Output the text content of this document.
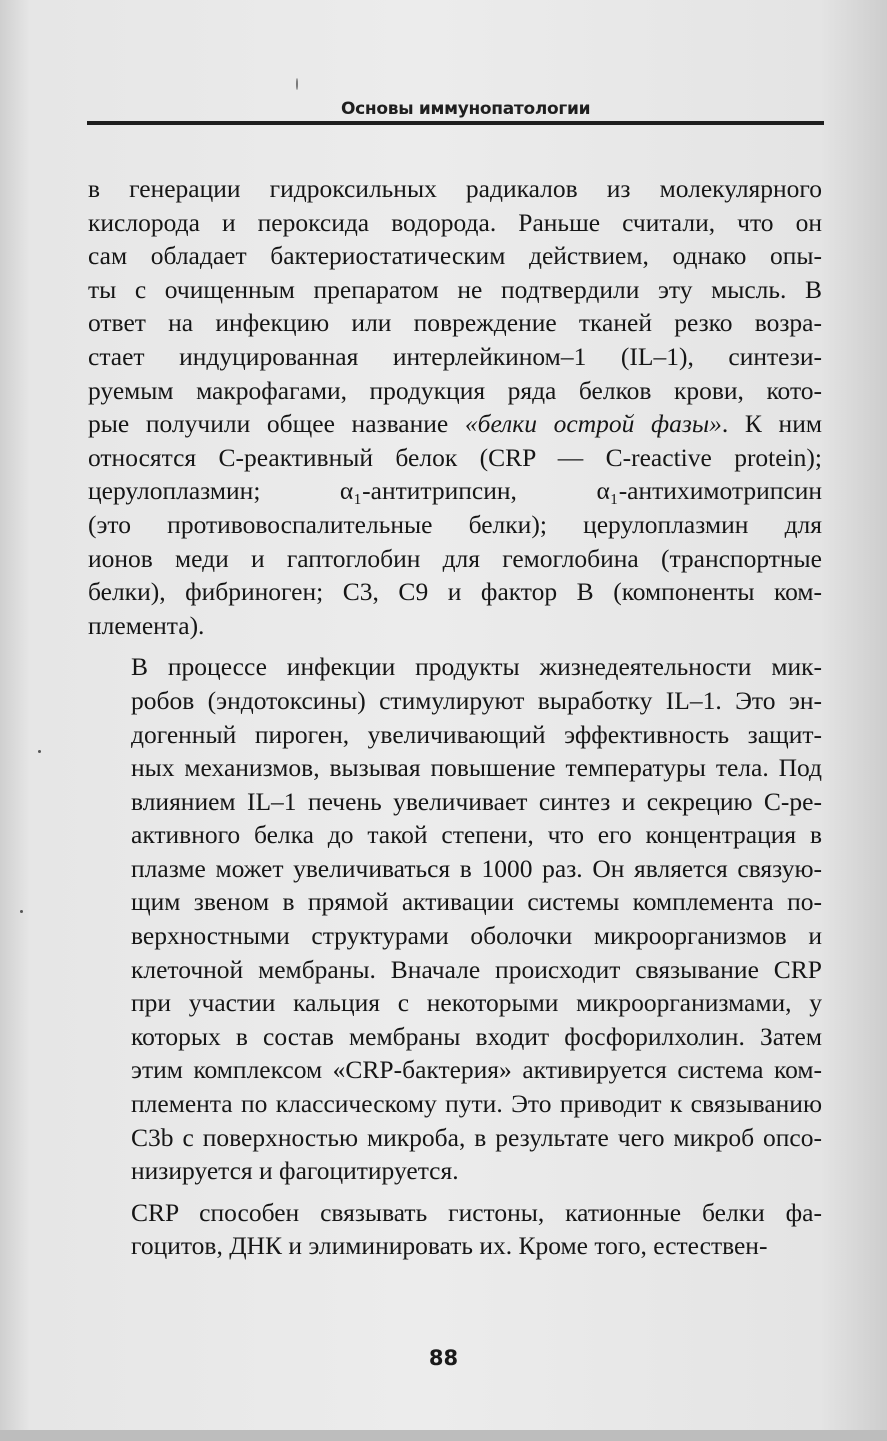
Основы иммунопатологии

в генерации гидроксильных радикалов из молекулярного
кислорода и пероксида водорода. Раньше считали, что он
сам обладает бактериостатическим действием, однако опы-
ты с очищенным препаратом не подтвердили эту мысль. В
ответ на инфекцию или повреждение тканей резко возра-
стает индуцированная интерлейкином–1 (IL–1), синтези-
руемым макрофагами, продукция ряда белков крови, кото-
рые получили общее название «белки острой фазы». К ним
относятся С-реактивный белок (CRP — C-reactive protein);
церулоплазмин; α₁-антитрипсин, α₁-антихимотрипсин
(это противовоспалительные белки); церулоплазмин для
ионов меди и гаптоглобин для гемоглобина (транспортные
белки), фибриноген; С3, С9 и фактор В (компоненты ком-
племента).

В процессе инфекции продукты жизнедеятельности мик-
робов (эндотоксины) стимулируют выработку IL–1. Это эн-
догенный пироген, увеличивающий эффективность защит-
ных механизмов, вызывая повышение температуры тела. Под
влиянием IL–1 печень увеличивает синтез и секрецию С-ре-
активного белка до такой степени, что его концентрация в
плазме может увеличиваться в 1000 раз. Он является связую-
щим звеном в прямой активации системы комплемента по-
верхностными структурами оболочки микроорганизмов и
клеточной мембраны. Вначале происходит связывание CRP
при участии кальция с некоторыми микроорганизмами, у
которых в состав мембраны входит фосфорилхолин. Затем
этим комплексом «CRP-бактерия» активируется система ком-
племента по классическому пути. Это приводит к связыванию
С3b с поверхностью микроба, в результате чего микроб опсо-
низируется и фагоцитируется.

CRP способен связывать гистоны, катионные белки фа-
гоцитов, ДНК и элиминировать их. Кроме того, естествен-

88
